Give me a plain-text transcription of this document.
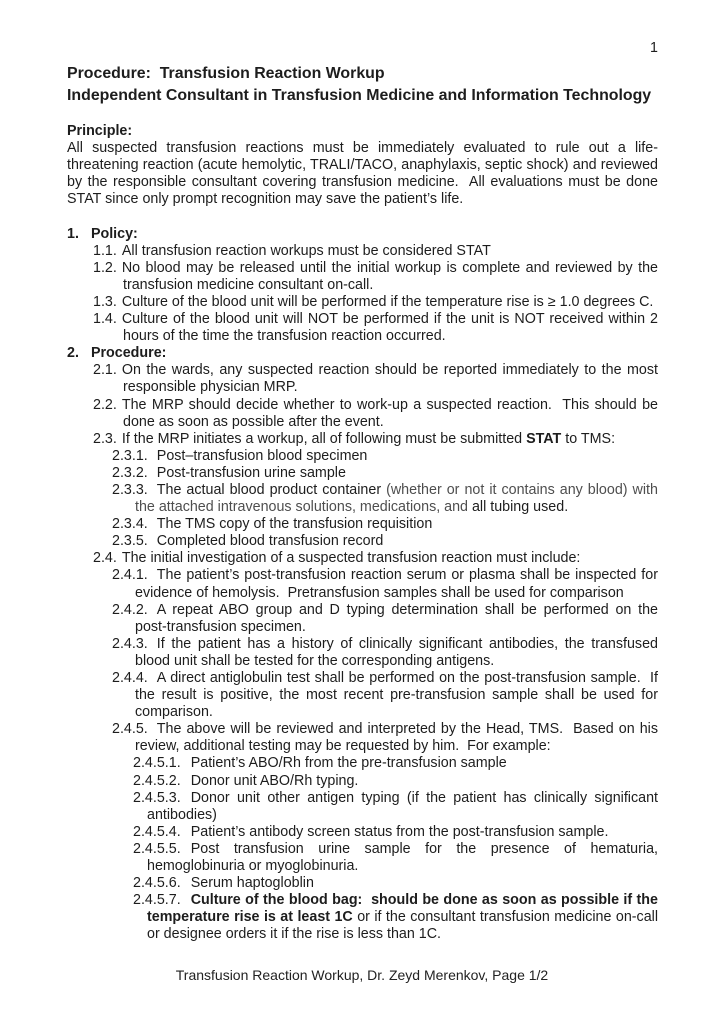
1
Procedure:  Transfusion Reaction Workup
Independent Consultant in Transfusion Medicine and Information Technology
Principle:
All suspected transfusion reactions must be immediately evaluated to rule out a life-threatening reaction (acute hemolytic, TRALI/TACO, anaphylaxis, septic shock) and reviewed by the responsible consultant covering transfusion medicine.  All evaluations must be done STAT since only prompt recognition may save the patient’s life.
1. Policy:
1.1. All transfusion reaction workups must be considered STAT
1.2. No blood may be released until the initial workup is complete and reviewed by the transfusion medicine consultant on-call.
1.3. Culture of the blood unit will be performed if the temperature rise is ≥ 1.0 degrees C.
1.4. Culture of the blood unit will NOT be performed if the unit is NOT received within 2 hours of the time the transfusion reaction occurred.
2. Procedure:
2.1. On the wards, any suspected reaction should be reported immediately to the most responsible physician MRP.
2.2. The MRP should decide whether to work-up a suspected reaction.  This should be done as soon as possible after the event.
2.3. If the MRP initiates a workup, all of following must be submitted STAT to TMS:
2.3.1. Post–transfusion blood specimen
2.3.2. Post-transfusion urine sample
2.3.3. The actual blood product container (whether or not it contains any blood) with the attached intravenous solutions, medications, and all tubing used.
2.3.4. The TMS copy of the transfusion requisition
2.3.5. Completed blood transfusion record
2.4. The initial investigation of a suspected transfusion reaction must include:
2.4.1. The patient’s post-transfusion reaction serum or plasma shall be inspected for evidence of hemolysis.  Pretransfusion samples shall be used for comparison
2.4.2. A repeat ABO group and D typing determination shall be performed on the post-transfusion specimen.
2.4.3. If the patient has a history of clinically significant antibodies, the transfused blood unit shall be tested for the corresponding antigens.
2.4.4. A direct antiglobulin test shall be performed on the post-transfusion sample.  If the result is positive, the most recent pre-transfusion sample shall be used for comparison.
2.4.5. The above will be reviewed and interpreted by the Head, TMS.  Based on his review, additional testing may be requested by him.  For example:
2.4.5.1. Patient’s ABO/Rh from the pre-transfusion sample
2.4.5.2. Donor unit ABO/Rh typing.
2.4.5.3. Donor unit other antigen typing (if the patient has clinically significant antibodies)
2.4.5.4. Patient’s antibody screen status from the post-transfusion sample.
2.4.5.5. Post transfusion urine sample for the presence of hematuria, hemoglobinuria or myoglobinuria.
2.4.5.6. Serum haptogloblin
2.4.5.7. Culture of the blood bag:  should be done as soon as possible if the temperature rise is at least 1C or if the consultant transfusion medicine on-call or designee orders it if the rise is less than 1C.
Transfusion Reaction Workup, Dr. Zeyd Merenkov, Page 1/2
